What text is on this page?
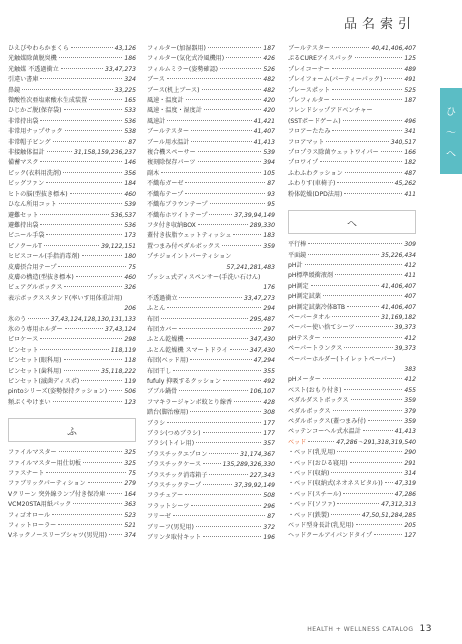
品名索引
ひ
〜
へ
ひえぴやわらかまくら	43,126
光触媒除菌脱臭機	186
光触媒 不透過衝立	33,47,273
引違い書庫	324
鼻鏡	33,225
微酸性次亜塩素酸水生成装置	165
ひじかご脱(保存袋)	533
非常持出袋	536
非常用ナップサック	538
非常帽子ビング	87
非接触体温計	31,158,159,236,237
備蓄マスク	146
ピック(衣料用洗剤)	356
ビッグファン	184
ヒトの脳(型抜き標本)	460
ひなん所用コット	539
避難セット	536,537
避難持出袋	536
ビニール手袋	173
ピノクールT	39,122,151
ヒビスコール(手指消毒剤)	180
皮膚摂合用テープ	75
皮膚の構造(型抜き標本)	460
ビュアグルボックス	326
表示ボックススタンド(率いす用体重計用)
206
氷のう	37,43,124,128,130,131,133
氷のう専用ホルダー	37,43,124
ピロケース	298
ピンセット	118,119
ピンセット(眼科用)	118
ピンセット(歯科用)	35,118,222
ピンセット(滅菌ディスポ)	119
pintoシリーズ(姿勢保持クッション)	506
頻ぷくやけまい	123
ふ
ファイルマスター	325
ファイルマスター用仕切板	325
ファスナート	75
ファブリックパーティション	279
Vクリーン 突外線ランプ付き保冷庫	164
VCM20STA用紙パック	363
フィゴオロール	523
フィットローラー	521
Vネックノースリーブシャツ(男児用)	374
フィルター(加湿器用)	187
フィルター(気化式冷風機用)	426
フィルムミラー(姿勢確認)	526
ブース	482
ブース(机上ブース)	482
風速・温度計	420
風速・温度・湿度計	420
風速計	41,421
ブールテスター	41,407
ブール用水温計	41,413
複合機スペーサー	539
複刻除保存パーツ	394
副木	105
不織布ガーゼ	87
不織布テープ	93
不織布ブラウンテープ	95
不織布ホワイトテープ	37,39,94,149
フタ付き収納BOX	289,330
蓋付き抜脂ウェットティッシュ	183
置つまみ付ペダルボックス	359
プチジョイントパーティション
57,241,281,483
プッシュ式ディスペンサー(手洗い石けん)
176
不透過衝立	33,47,273
ふとん	294
布団	295,487
布団カバー	297
ふとん乾燥機	347,430
ふとん乾燥機 スマートドライ	347,430
布団(ベッド用)	47,294
布団干し	355
fufuly 抑吸するクッション	492
ブブル鍋骨	106,107
フマキラージャンボ蚊とり線香	428
踏台(脚治療用)	308
ブラシ	177
ブラシ(つめブラシ)	177
ブラシ(トイレ用)	357
プラスチックエプロン	31,174,367
プラスチックケース	135,289,326,330
プラスチック消毒箱子	227,343
プラスチックテープ	37,39,92,149
フラチェアー	508
フラットシーツ	296
フリーゼ	87
ブリーフ(男児用)	372
ブリンタ取付キット	196
ブールテスター	40,41,406,407
ぷるCUREアイスパック	125
プレイコーナー	489
プレイフォーム(パーティーパック)	491
プレースポット	525
プレフィルター	187
フレンドシップアドベンチャー
(SSTボードゲーム)	496
フロアーたたみ	341
フロアマット	340,517
プロプラス除菌ウェットワイパー	166
プロワイプ	182
ふわふわクッション	487
ふわりす(車椅子)	45,262
粉体乾燥(DPD法用)	411
へ
平行棒	309
平面鏡	35,226,434
pH計	412
pH標準緩衝液剤	411
pH測定	41,406,407
pH測定試薬	407
pH測定試薬冷体BTB	41,406,407
ペーパータオル	31,169,182
ペーパー使い捨てシーツ	39,373
pHテスター	412
ペーパートランクス	39,373
ペーパーホルダー(トイレットペーパー)
383
pHメーター	412
ベスト(おもり付き)	455
ペダルダストボックス	359
ペダルボックス	379
ペダルボックス(蓋つまみ付)	359
ペッテンコーヘル式水温計	41,413
ベッド	47,286〜291,318,319,540
・ベッド(乳児用)	290
・ベッド(おひる寝用)	291
・ベッド(収納)	314
・ベッド(収納式(ネオネスビタル)) 47,319
・ベッド(スチール)	47,286
・ベッド(ソファ)	47,312,313
・ベッド(鉄製)	47,50,51,284,285
ベッド型身長計(乳児用)	205
ヘッドクールアイパンドタイプ	127
HEALTH + WELLNESS CATALOG 13
